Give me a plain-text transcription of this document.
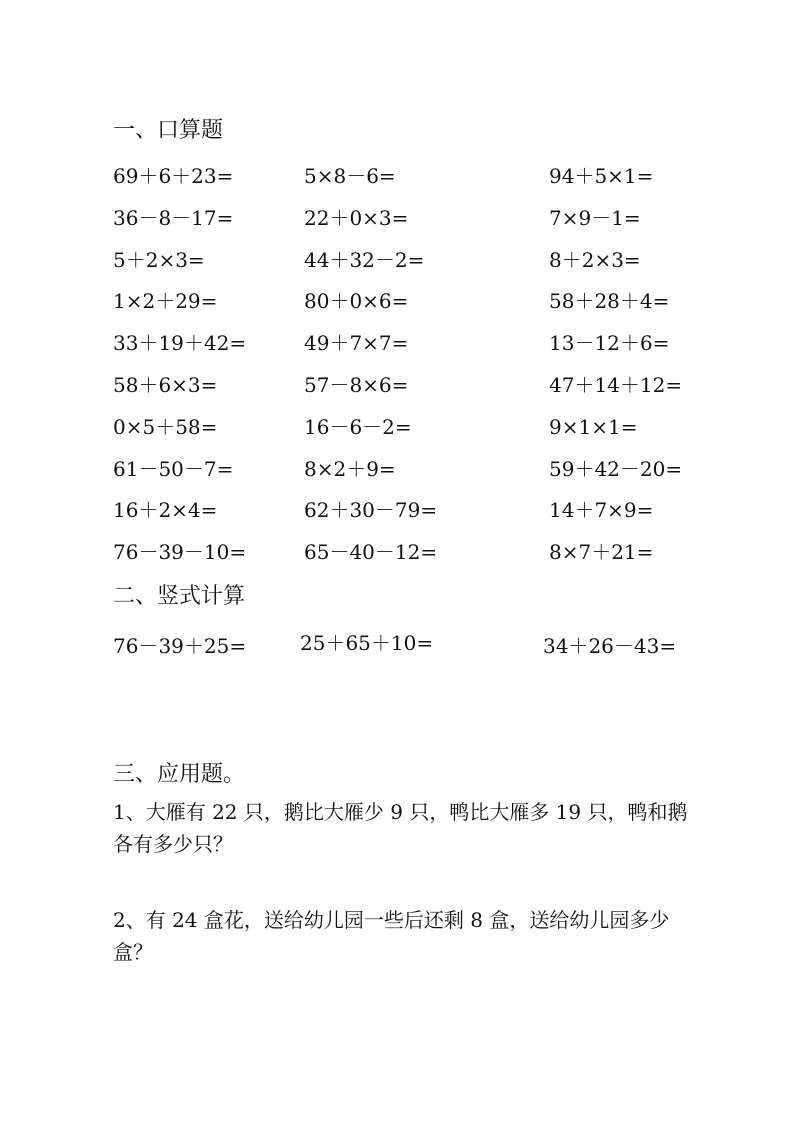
一、口算题
69＋6＋23=	5×8－6=	94＋5×1=
36－8－17=	22＋0×3=	7×9－1=
5＋2×3=	44＋32－2=	8＋2×3=
1×2＋29=	80＋0×6=	58＋28＋4=
33＋19＋42=	49＋7×7=	13－12＋6=
58＋6×3=	57－8×6=	47＋14＋12=
0×5＋58=	16－6－2=	9×1×1=
61－50－7=	8×2＋9=	59＋42－20=
16＋2×4=	62＋30－79=	14＋7×9=
76－39－10=	65－40－12=	8×7＋21=
二、竖式计算
76－39＋25=	25＋65＋10=	34＋26－43=
三、应用题。
1、大雁有 22 只，鹅比大雁少 9 只，鸭比大雁多 19 只，鸭和鹅各有多少只？
2、有 24 盒花，送给幼儿园一些后还剩 8 盒，送给幼儿园多少盒？
